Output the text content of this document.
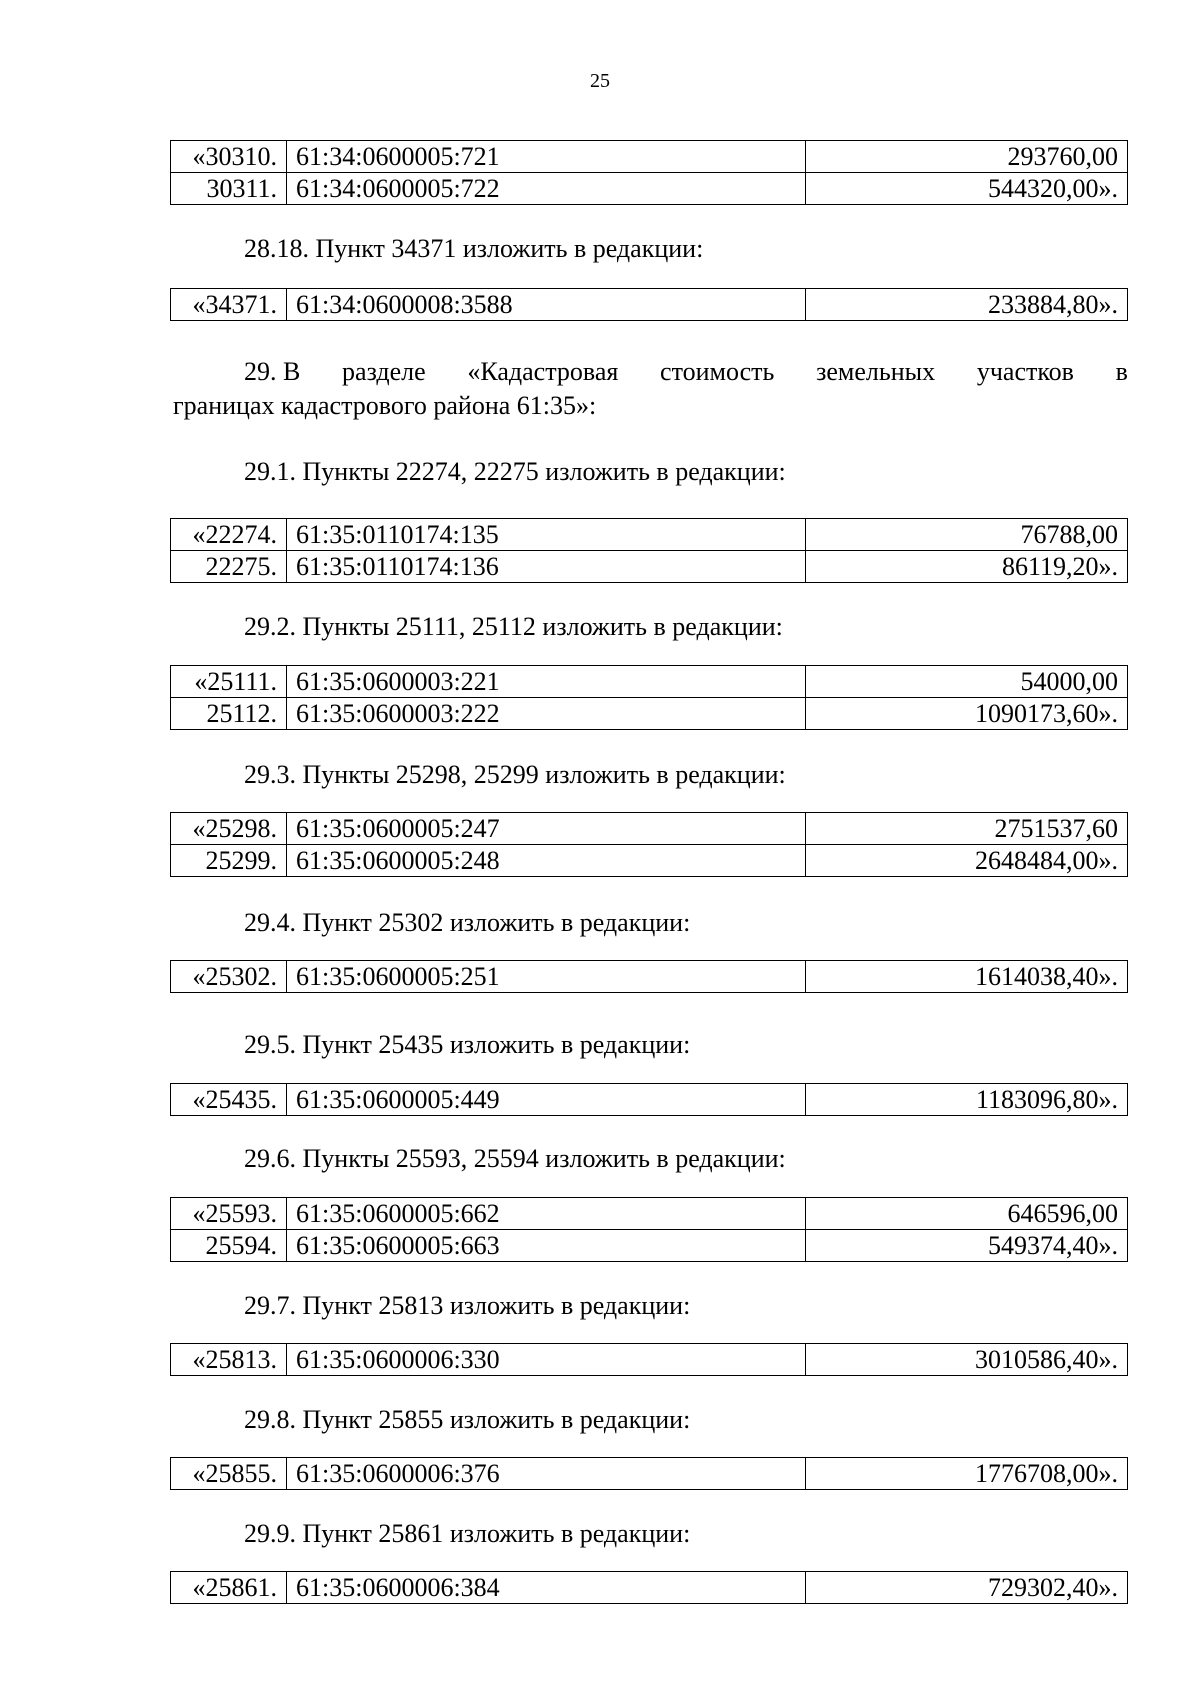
25
«30310.	61:34:0600005:721	293760,00
30311.	61:34:0600005:722	544320,00».
28.18. Пункт 34371 изложить в редакции:
«34371.	61:34:0600008:3588	233884,80».
29. В разделе «Кадастровая стоимость земельных участков в
границах кадастрового района 61:35»:
29.1. Пункты 22274, 22275 изложить в редакции:
«22274.	61:35:0110174:135	76788,00
22275.	61:35:0110174:136	86119,20».
29.2. Пункты 25111, 25112 изложить в редакции:
«25111.	61:35:0600003:221	54000,00
25112.	61:35:0600003:222	1090173,60».
29.3. Пункты 25298, 25299 изложить в редакции:
«25298.	61:35:0600005:247	2751537,60
25299.	61:35:0600005:248	2648484,00».
29.4. Пункт 25302 изложить в редакции:
«25302.	61:35:0600005:251	1614038,40».
29.5. Пункт 25435 изложить в редакции:
«25435.	61:35:0600005:449	1183096,80».
29.6. Пункты 25593, 25594 изложить в редакции:
«25593.	61:35:0600005:662	646596,00
25594.	61:35:0600005:663	549374,40».
29.7. Пункт 25813 изложить в редакции:
«25813.	61:35:0600006:330	3010586,40».
29.8. Пункт 25855 изложить в редакции:
«25855.	61:35:0600006:376	1776708,00».
29.9. Пункт 25861 изложить в редакции:
«25861.	61:35:0600006:384	729302,40».
